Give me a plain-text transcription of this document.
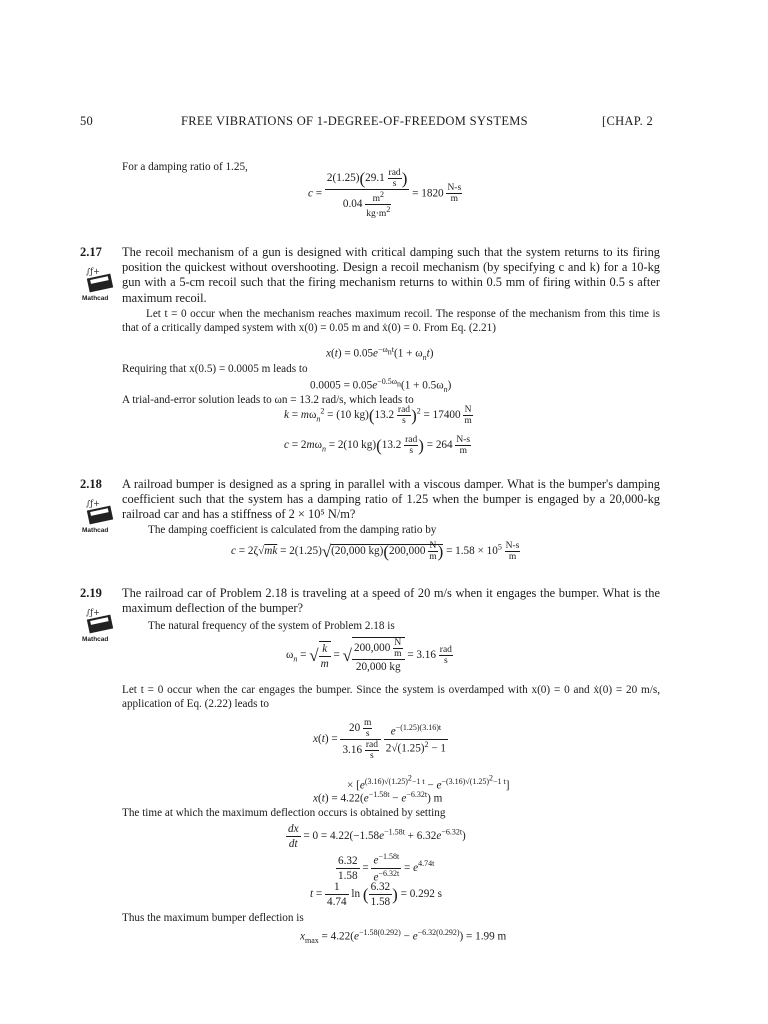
50	FREE VIBRATIONS OF 1-DEGREE-OF-FREEDOM SYSTEMS	[CHAP. 2
For a damping ratio of 1.25,
c = 2(1.25)(29.1 rad
s )
$0.04 \frac{m^2}{kg\cdot m^2} = 1820 \frac{N-s}{m}$
2.17
∫ƒ+
Mathcad
The recoil mechanism of a gun is designed with critical damping such that the system returns to its firing position the quickest without overshooting. Design a recoil mechanism (by specifying c and k) for a 10-kg gun with a 5-cm recoil such that the firing mechanism returns to within 0.5 mm of firing within 0.5 s after maximum recoil.
Let t = 0 occur when the mechanism reaches maximum recoil. The response of the mechanism from this time is that of a critically damped system with x(0) = 0.05 m and ẋ(0) = 0. From Eq. (2.21)
$x(t) = 0.05e^{-\omega_nt}(1 + \omega_nt)$
Requiring that x(0.5) = 0.0005 m leads to
$0.0005 = 0.05e^{-0.5\omega_n}(1 + 0.5\omega_n)$
A trial-and-error solution leads to ωn = 13.2 rad/s, which leads to
$k = m\omega_n^2 = (10$ kg)(13.2 rad
s )$^2 = 17400 \frac{N}{m}$
$c = 2m\omega_n = 2(10$ kg)(13.2 rad
s ) = $264 \frac{N-s}{m}$
2.18
∫ƒ+
Mathcad
A railroad bumper is designed as a spring in parallel with a viscous damper. What is the bumper's damping coefficient such that the system has a damping ratio of 1.25 when the bumper is engaged by a 20,000-kg railroad car and has a stiffness of 2 × 10⁵ N/m?
The damping coefficient is calculated from the damping ratio by
c = 2ζ√mk = 2(1.25)√(20,000 $kg)(200,000 \frac{N}{m}$ ) = $1.58 \times 10^5 \frac{N-s}{m}$
2.19
∫ƒ+
Mathcad
The railroad car of Problem 2.18 is traveling at a speed of 20 m/s when it engages the bumper. What is the maximum deflection of the bumper?
The natural frequency of the system of Problem 2.18 is
$\omega_n$ = √ $\frac{k}{m}$ = √ $\frac{200,000 \frac{N}{m}}{20,000 kg} = 3.16$ rad
s
Let t = 0 occur when the car engages the bumper. Since the system is overdamped with x(0) = 0 and ẋ(0) = 20 m/s, application of Eq. (2.22) leads to
$x(t) = 20 \frac{m}{s}$
3.16 rad
s
$\frac{e^{-(1.25)(3.16)t}}{2√(1.25)^2 - 1}$
× $[e^{(3.16)√(1.25)^2-1 t} - e^{-(3.16)√(1.25)^2-1 t}]$
$x(t) = 4.22(e^{-1.58t} - e^{-6.32t})$ m
The time at which the maximum deflection occurs is obtained by setting
$\frac{dx}{dt} = 0 = 4.22(-1.58e^{-1.58t} + 6.32e^{-6.32t})$
$\frac{6.32}{1.58} = \frac{e^{-1.58t}}{e^{-6.32t}} = e^{4.74t}$
$t = \frac{1}{4.74}$ ln ( $\frac{6.32}{1.58}$ ) = 0.292 s
Thus the maximum bumper deflection is
$x_{max} = 4.22(e^{-1.58(0.292)} - e^{-6.32(0.292)}) = 1.99$ m
